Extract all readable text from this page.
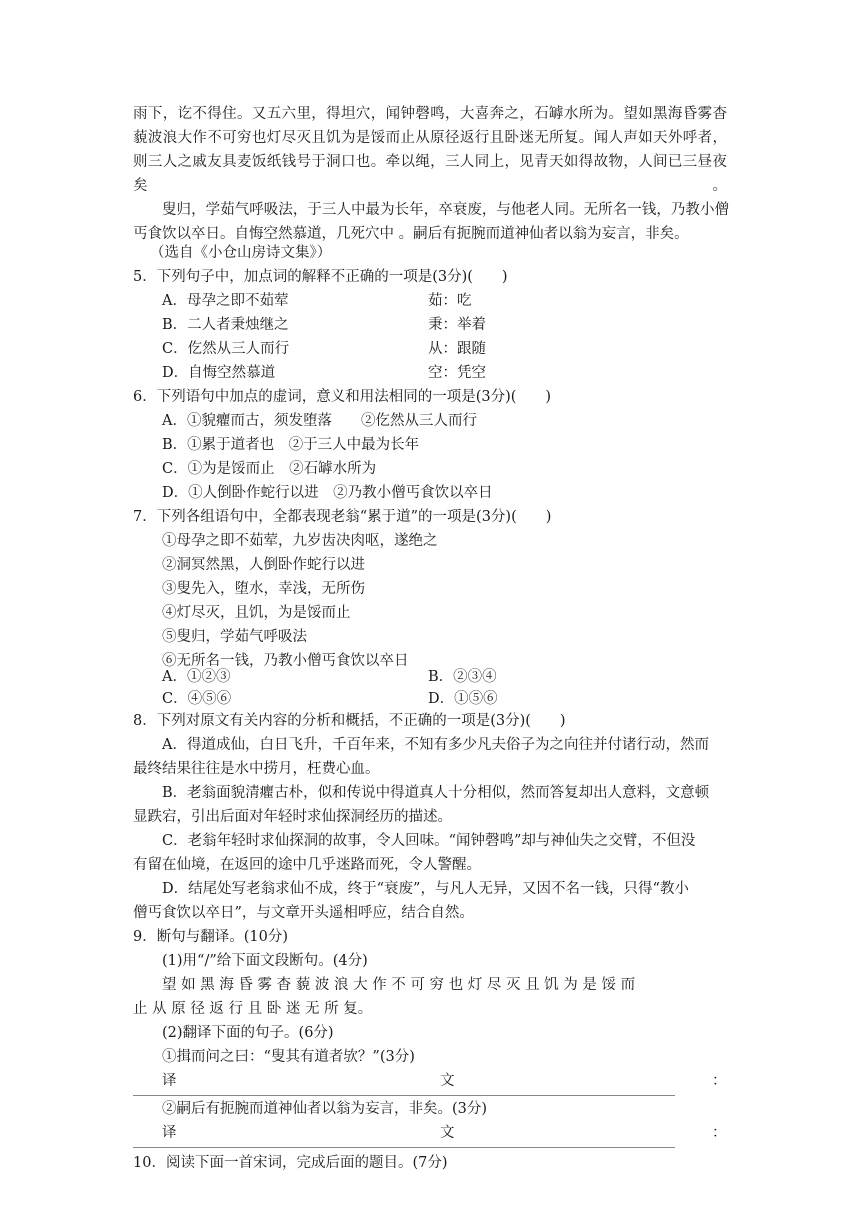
雨下，讫不得住。又五六里，得坦穴，闻钟磬鸣，大喜奔之，石罅水所为。望如黑海昏雾杳藐波浪大作不可穷也灯尽灭且饥为是馁而止从原径返行且卧迷无所复。闻人声如天外呼者，则三人之戚友具麦饭纸钱号于洞口也。牵以绳，三人同上，见青天如得故物，人间已三昼夜矣。
叟归，学茹气呼吸法，于三人中最为长年，卒衰废，与他老人同。无所名一钱，乃教小僧丐食饮以卒日。自悔空然慕道，几死穴中 。嗣后有扼腕而道神仙者以翁为妄言，非矣。
（选自《小仓山房诗文集》）
5．下列句子中，加点词的解释不正确的一项是(3分)(　　)
A．母孕之即不茹荤	茹：吃
B．二人者秉烛继之	秉：举着
C．仡然从三人而行	从：跟随
D．自悔空然慕道	空：凭空
6．下列语句中加点的虚词，意义和用法相同的一项是(3分)(　　)
A．①貌癯而古，须发堕落　　②仡然从三人而行
B．①累于道者也　②于三人中最为长年
C．①为是馁而止　②石罅水所为
D．①人倒卧作蛇行以进　②乃教小僧丐食饮以卒日
7．下列各组语句中，全都表现老翁“累于道”的一项是(3分)(　　)
①母孕之即不茹荤，九岁齿决肉呕，遂绝之
②洞冥然黑，人倒卧作蛇行以进
③叟先入，堕水，幸浅，无所伤
④灯尽灭，且饥，为是馁而止
⑤叟归，学茹气呼吸法
⑥无所名一钱，乃教小僧丐食饮以卒日
A．①②③	B．②③④
C．④⑤⑥	D．①⑤⑥
8．下列对原文有关内容的分析和概括，不正确的一项是(3分)(　　)
A．得道成仙，白日飞升，千百年来，不知有多少凡夫俗子为之向往并付诸行动，然而
最终结果往往是水中捞月，枉费心血。
B．老翁面貌清癯古朴，似和传说中得道真人十分相似，然而答复却出人意料，文意顿
显跌宕，引出后面对年轻时求仙探洞经历的描述。
C．老翁年轻时求仙探洞的故事，令人回味。“闻钟磬鸣”却与神仙失之交臂，不但没
有留在仙境，在返回的途中几乎迷路而死，令人警醒。
D．结尾处写老翁求仙不成，终于“衰废”，与凡人无异，又因不名一钱，只得“教小
僧丐食饮以卒日”，与文章开头遥相呼应，结合自然。
9．断句与翻译。(10分)
(1)用“/”给下面文段断句。(4分)
望 如 黑 海 昏 雾 杳 藐 波 浪 大 作 不 可 穷 也 灯 尽 灭 且 饥 为 是 馁 而
止 从 原 径 返 行 且 卧 迷 无 所 复。
(2)翻译下面的句子。(6分)
①揖而问之曰：“叟其有道者欤？”(3分)
译	文	：
②嗣后有扼腕而道神仙者以翁为妄言，非矣。(3分)
译	文	：
10．阅读下面一首宋词，完成后面的题目。(7分)
